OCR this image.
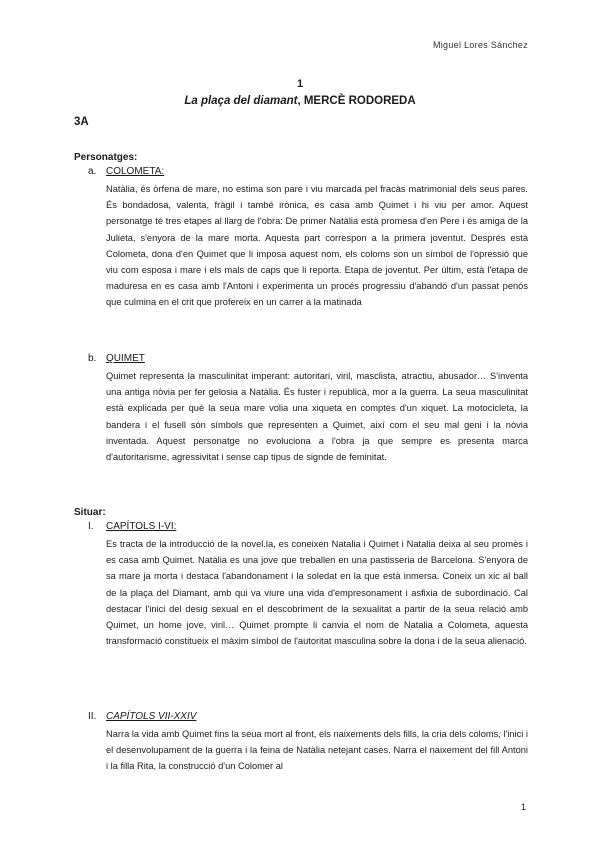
Miguel Lores Sánchez
1
La plaça del diamant, MERCÈ RODOREDA
3A
Personatges:
a. COLOMETA:
Natàlia, és òrfena de mare, no estima son pare i viu marcada pel fracàs matrimonial dels seus pares. És bondadosa, valenta, fràgil i també irònica, es casa amb Quimet i hi viu per amor. Aquest personatge té tres etapes al llarg de l'obra: De primer Natàlia està promesa d'en Pere i és amiga de la Julieta, s'enyora de la mare morta. Aquesta part correspon a la primera joventut. Després està Colometa, dona d'en Quimet que li imposa aquest nom, els coloms son un símbol de l'opressió que viu com esposa i mare i els mals de caps que li reporta. Etapa de joventut. Per últim, està l'etapa de maduresa en es casa amb l'Antoni i experimenta un procés progressiu d'abandó d'un passat penós que culmina en el crit que profereix en un carrer a la matinada
b. QUIMET
Quimet representa la masculinitat imperant: autoritari, viril, masclista, atractiu, abusador… S'inventa una antiga nòvia per fer gelosia a Natàlia. És fuster i republicà, mor a la guerra. La seua masculinitat està explicada per què la seua mare volia una xiqueta en comptes d'un xiquet. La motocicleta, la bandera i el fusell són símbols que representen a Quimet, així com el seu mal geni i la nòvia inventada. Aquest personatge no evoluciona a l'obra ja que sempre es presenta marca d'autoritarisme, agressivitat i sense cap tipus de signde de feminitat.
Situar:
I.	CAPÍTOLS I-VI:
Es tracta de la introducció de la novel.la, es coneixen Natalia i Quimet i Natalia deixa al seu promès i es casa amb Quimet. Natàlia es una jove que treballen en una pastisseria de Barcelona. S'enyora de sa mare ja morta i destaca l'abandonament i la soledat en la que està inmersa. Coneix un xic al ball de la plaça del Diamant, amb qui va viure una vida d'empresonament i asfixia de subordinació. Cal destacar l'inici del desig sexual en el descobriment de la sexualitat a partir de la seua relació amb Quimet, un home jove, viril… Quimet prompte li canvia el nom de Natalia a Colometa, aquesta transformació constitueix el màxim símbol de l'autoritat masculina sobre la dona i de la seua alienació.
II. CAPÍTOLS VII-XXIV
Narra la vida amb Quimet fins la seua mort al front, els naixements dels fills, la cria dels coloms, l'inici i el desenvolupament de la guerra i la feina de Natàlia netejant cases. Narra el naixement del fill Antoni i la filla Rita, la construcció d'un Colomer al
1
